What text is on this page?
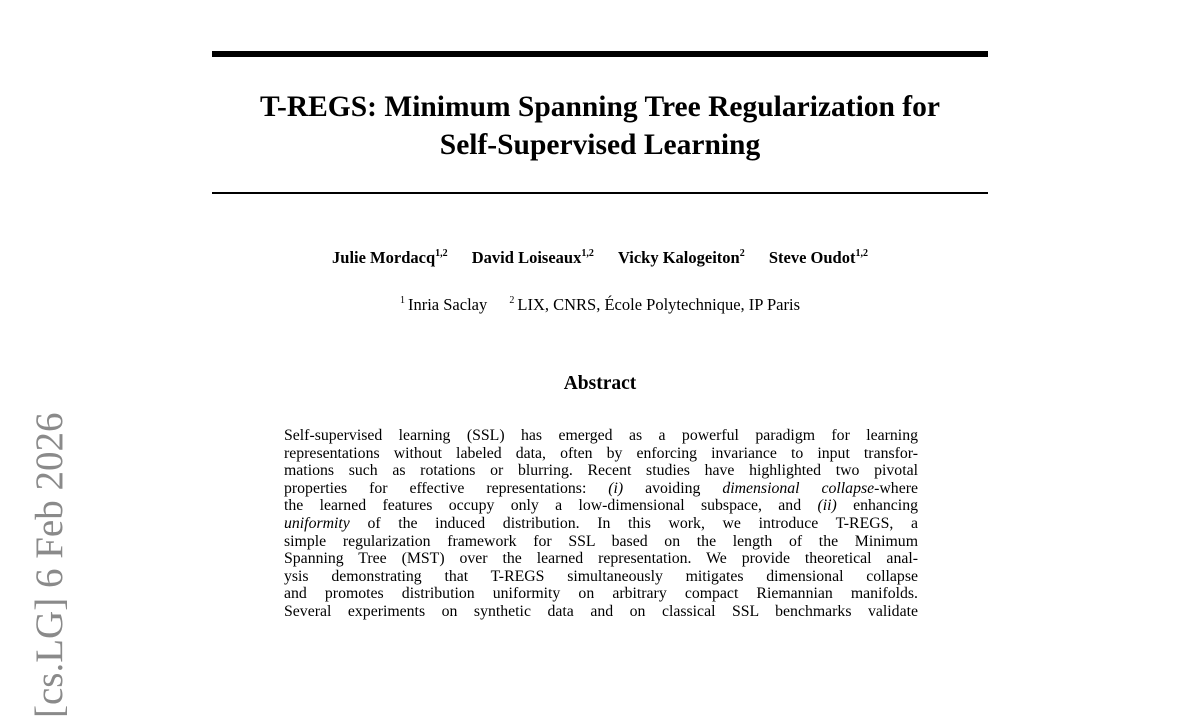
T-REGS: Minimum Spanning Tree Regularization for
Self-Supervised Learning
Julie Mordacq$^{1,2}$ David Loiseaux$^{1,2}$ Vicky Kalogeiton$^2$ Steve Oudot$^{1,2}$
$^1$ Inria Saclay $^2$ LIX, CNRS, École Polytechnique, IP Paris
Abstract
Self-supervised learning (SSL) has emerged as a powerful paradigm for learning
representations without labeled data, often by enforcing invariance to input transfor-
mations such as rotations or blurring. Recent studies have highlighted two pivotal
properties for effective representations: (i) avoiding dimensional collapse-where
the learned features occupy only a low-dimensional subspace, and (ii) enhancing
uniformity of the induced distribution. In this work, we introduce T-REGS, a
simple regularization framework for SSL based on the length of the Minimum
Spanning Tree (MST) over the learned representation. We provide theoretical anal-
ysis demonstrating that T-REGS simultaneously mitigates dimensional collapse
and promotes distribution uniformity on arbitrary compact Riemannian manifolds.
Several experiments on synthetic data and on classical SSL benchmarks validate
[cs.LG] 6 Feb 2026
